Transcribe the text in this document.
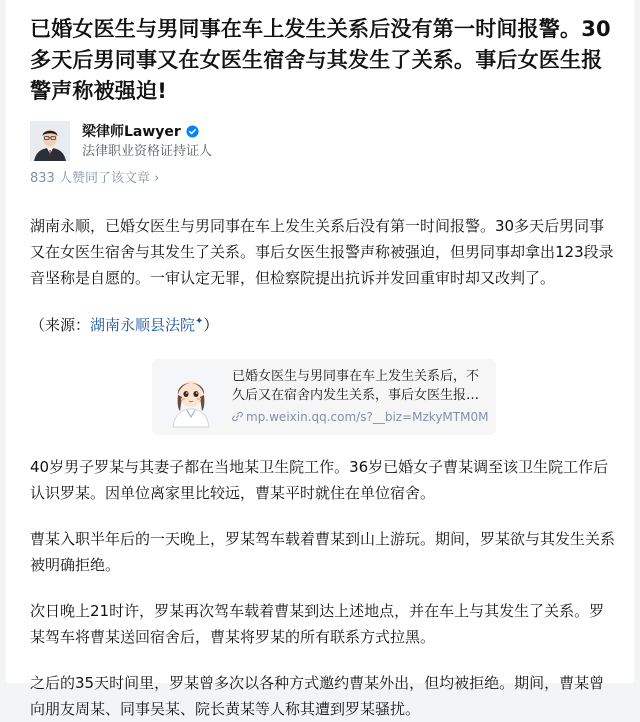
已婚女医生与男同事在车上发生关系后没有第一时间报警。30多天后男同事又在女医生宿舍与其发生了关系。事后女医生报警声称被强迫!
梁律师Lawyer
法律职业资格证持证人
833 人赞同了该文章 ›

湖南永顺，已婚女医生与男同事在车上发生关系后没有第一时间报警。30多天后男同事又在女医生宿舍与其发生了关系。事后女医生报警声称被强迫，但男同事却拿出123段录音坚称是自愿的。一审认定无罪，但检察院提出抗诉并发回重审时却又改判了。

（来源：湖南永顺县法院✦）
已婚女医生与男同事在车上发生关系后，不久后又在宿舍内发生关系，事后女医生报…
mp.weixin.qq.com/s?__biz=MzkyMTM0M

40岁男子罗某与其妻子都在当地某卫生院工作。36岁已婚女子曹某调至该卫生院工作后认识罗某。因单位离家里比较远，曹某平时就住在单位宿舍。

曹某入职半年后的一天晚上，罗某驾车载着曹某到山上游玩。期间，罗某欲与其发生关系被明确拒绝。

次日晚上21时许，罗某再次驾车载着曹某到达上述地点，并在车上与其发生了关系。罗某驾车将曹某送回宿舍后，曹某将罗某的所有联系方式拉黑。

之后的35天时间里，罗某曾多次以各种方式邀约曹某外出，但均被拒绝。期间，曹某曾向朋友周某、同事吴某、院长黄某等人称其遭到罗某骚扰。
